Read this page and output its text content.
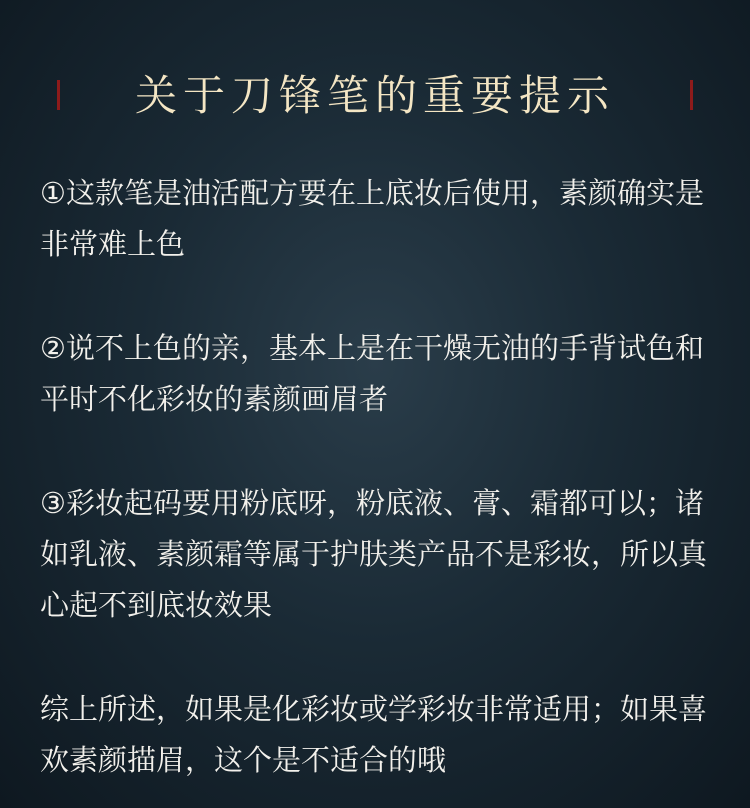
关于刀锋笔的重要提示

①这款笔是油活配方要在上底妆后使用，素颜确实是非常难上色

②说不上色的亲，基本上是在干燥无油的手背试色和平时不化彩妆的素颜画眉者

③彩妆起码要用粉底呀，粉底液、膏、霜都可以；诸如乳液、素颜霜等属于护肤类产品不是彩妆，所以真心起不到底妆效果

综上所述，如果是化彩妆或学彩妆非常适用；如果喜欢素颜描眉，这个是不适合的哦
